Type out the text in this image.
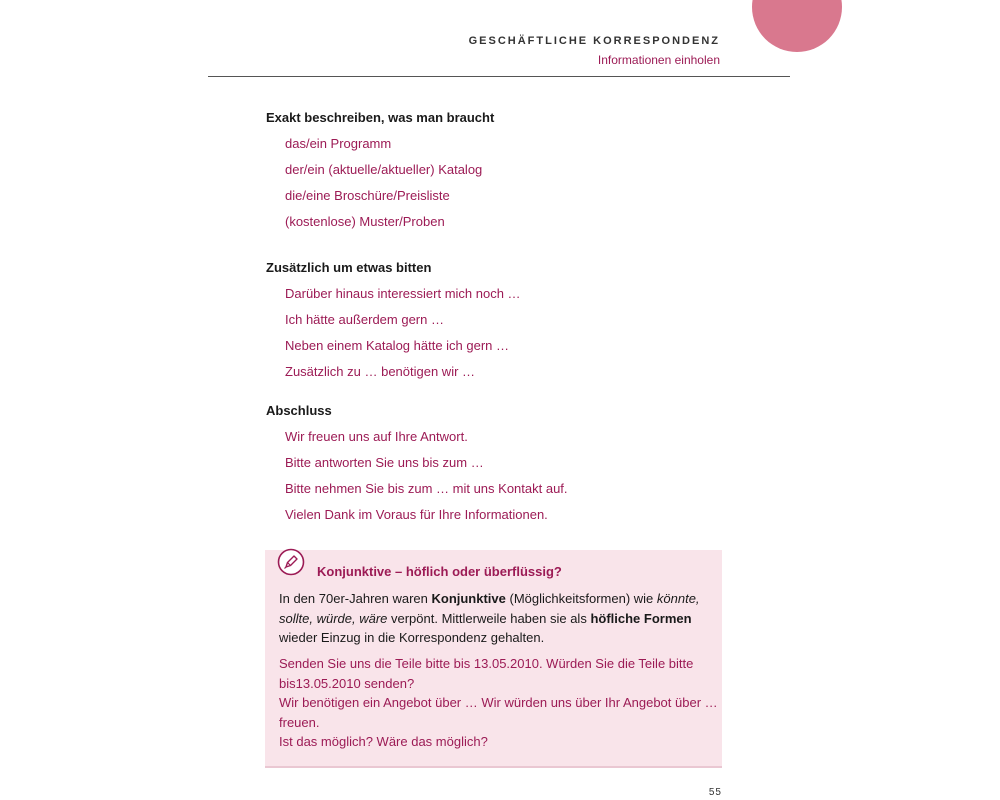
GESCHÄFTLICHE KORRESPONDENZ
Informationen einholen
Exakt beschreiben, was man braucht
das/ein Programm
der/ein (aktuelle/aktueller) Katalog
die/eine Broschüre/Preisliste
(kostenlose) Muster/Proben
Zusätzlich um etwas bitten
Darüber hinaus interessiert mich noch …
Ich hätte außerdem gern …
Neben einem Katalog hätte ich gern …
Zusätzlich zu … benötigen wir …
Abschluss
Wir freuen uns auf Ihre Antwort.
Bitte antworten Sie uns bis zum …
Bitte nehmen Sie bis zum … mit uns Kontakt auf.
Vielen Dank im Voraus für Ihre Informationen.
Konjunktive – höflich oder überflüssig?
In den 70er-Jahren waren Konjunktive (Möglichkeitsformen) wie könnte, sollte, würde, wäre verpönt. Mittlerweile haben sie als höfliche Formen wieder Einzug in die Korrespondenz gehalten.
Senden Sie uns die Teile bitte bis 13.05.2010. Würden Sie die Teile bitte bis13.05.2010 senden?
Wir benötigen ein Angebot über … Wir würden uns über Ihr Angebot über … freuen.
Ist das möglich? Wäre das möglich?
55
